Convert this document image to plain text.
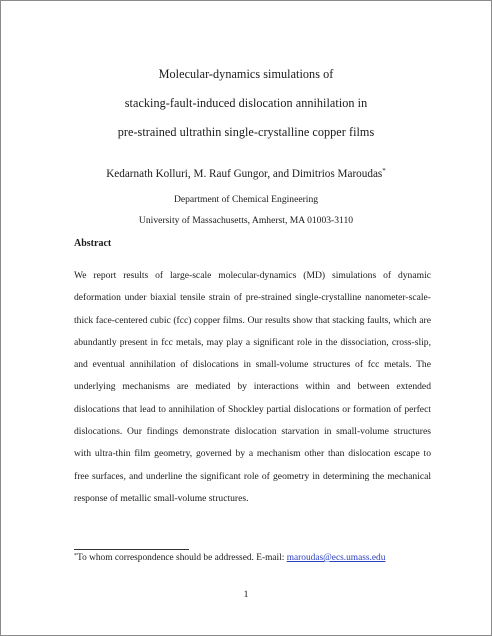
Molecular-dynamics simulations of
stacking-fault-induced dislocation annihilation in
pre-strained ultrathin single-crystalline copper films
Kedarnath Kolluri, M. Rauf Gungor, and Dimitrios Maroudas*
Department of Chemical Engineering
University of Massachusetts, Amherst, MA 01003-3110
Abstract
We report results of large-scale molecular-dynamics (MD) simulations of dynamic deformation under biaxial tensile strain of pre-strained single-crystalline nanometer-scale-thick face-centered cubic (fcc) copper films. Our results show that stacking faults, which are abundantly present in fcc metals, may play a significant role in the dissociation, cross-slip, and eventual annihilation of dislocations in small-volume structures of fcc metals. The underlying mechanisms are mediated by interactions within and between extended dislocations that lead to annihilation of Shockley partial dislocations or formation of perfect dislocations. Our findings demonstrate dislocation starvation in small-volume structures with ultra-thin film geometry, governed by a mechanism other than dislocation escape to free surfaces, and underline the significant role of geometry in determining the mechanical response of metallic small-volume structures.
*To whom correspondence should be addressed. E-mail: maroudas@ecs.umass.edu
1
